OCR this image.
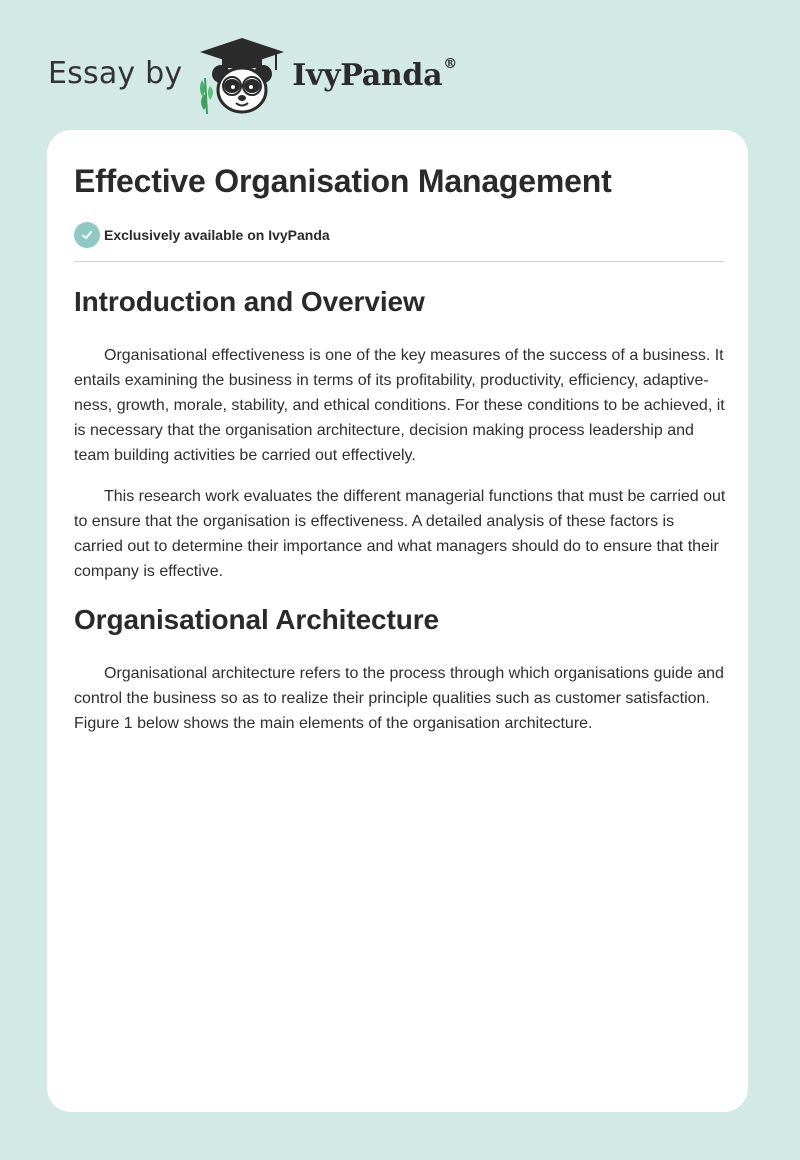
Essay by	IvyPanda®
Effective Organisation Management
Exclusively available on IvyPanda
Introduction and Overview

Organisational effectiveness is one of the key measures of the success of a business. It entails examining the business in terms of its profitability, productivity, efficiency, adaptive-ness, growth, morale, stability, and ethical conditions. For these conditions to be achieved, it is necessary that the organisation architecture, decision making process leadership and team building activities be carried out effectively.

This research work evaluates the different managerial functions that must be carried out to ensure that the organisation is effectiveness. A detailed analysis of these factors is carried out to determine their importance and what managers should do to ensure that their company is effective.

Organisational Architecture

Organisational architecture refers to the process through which organisations guide and control the business so as to realize their principle qualities such as customer satisfaction. Figure 1 below shows the main elements of the organisation architecture.
